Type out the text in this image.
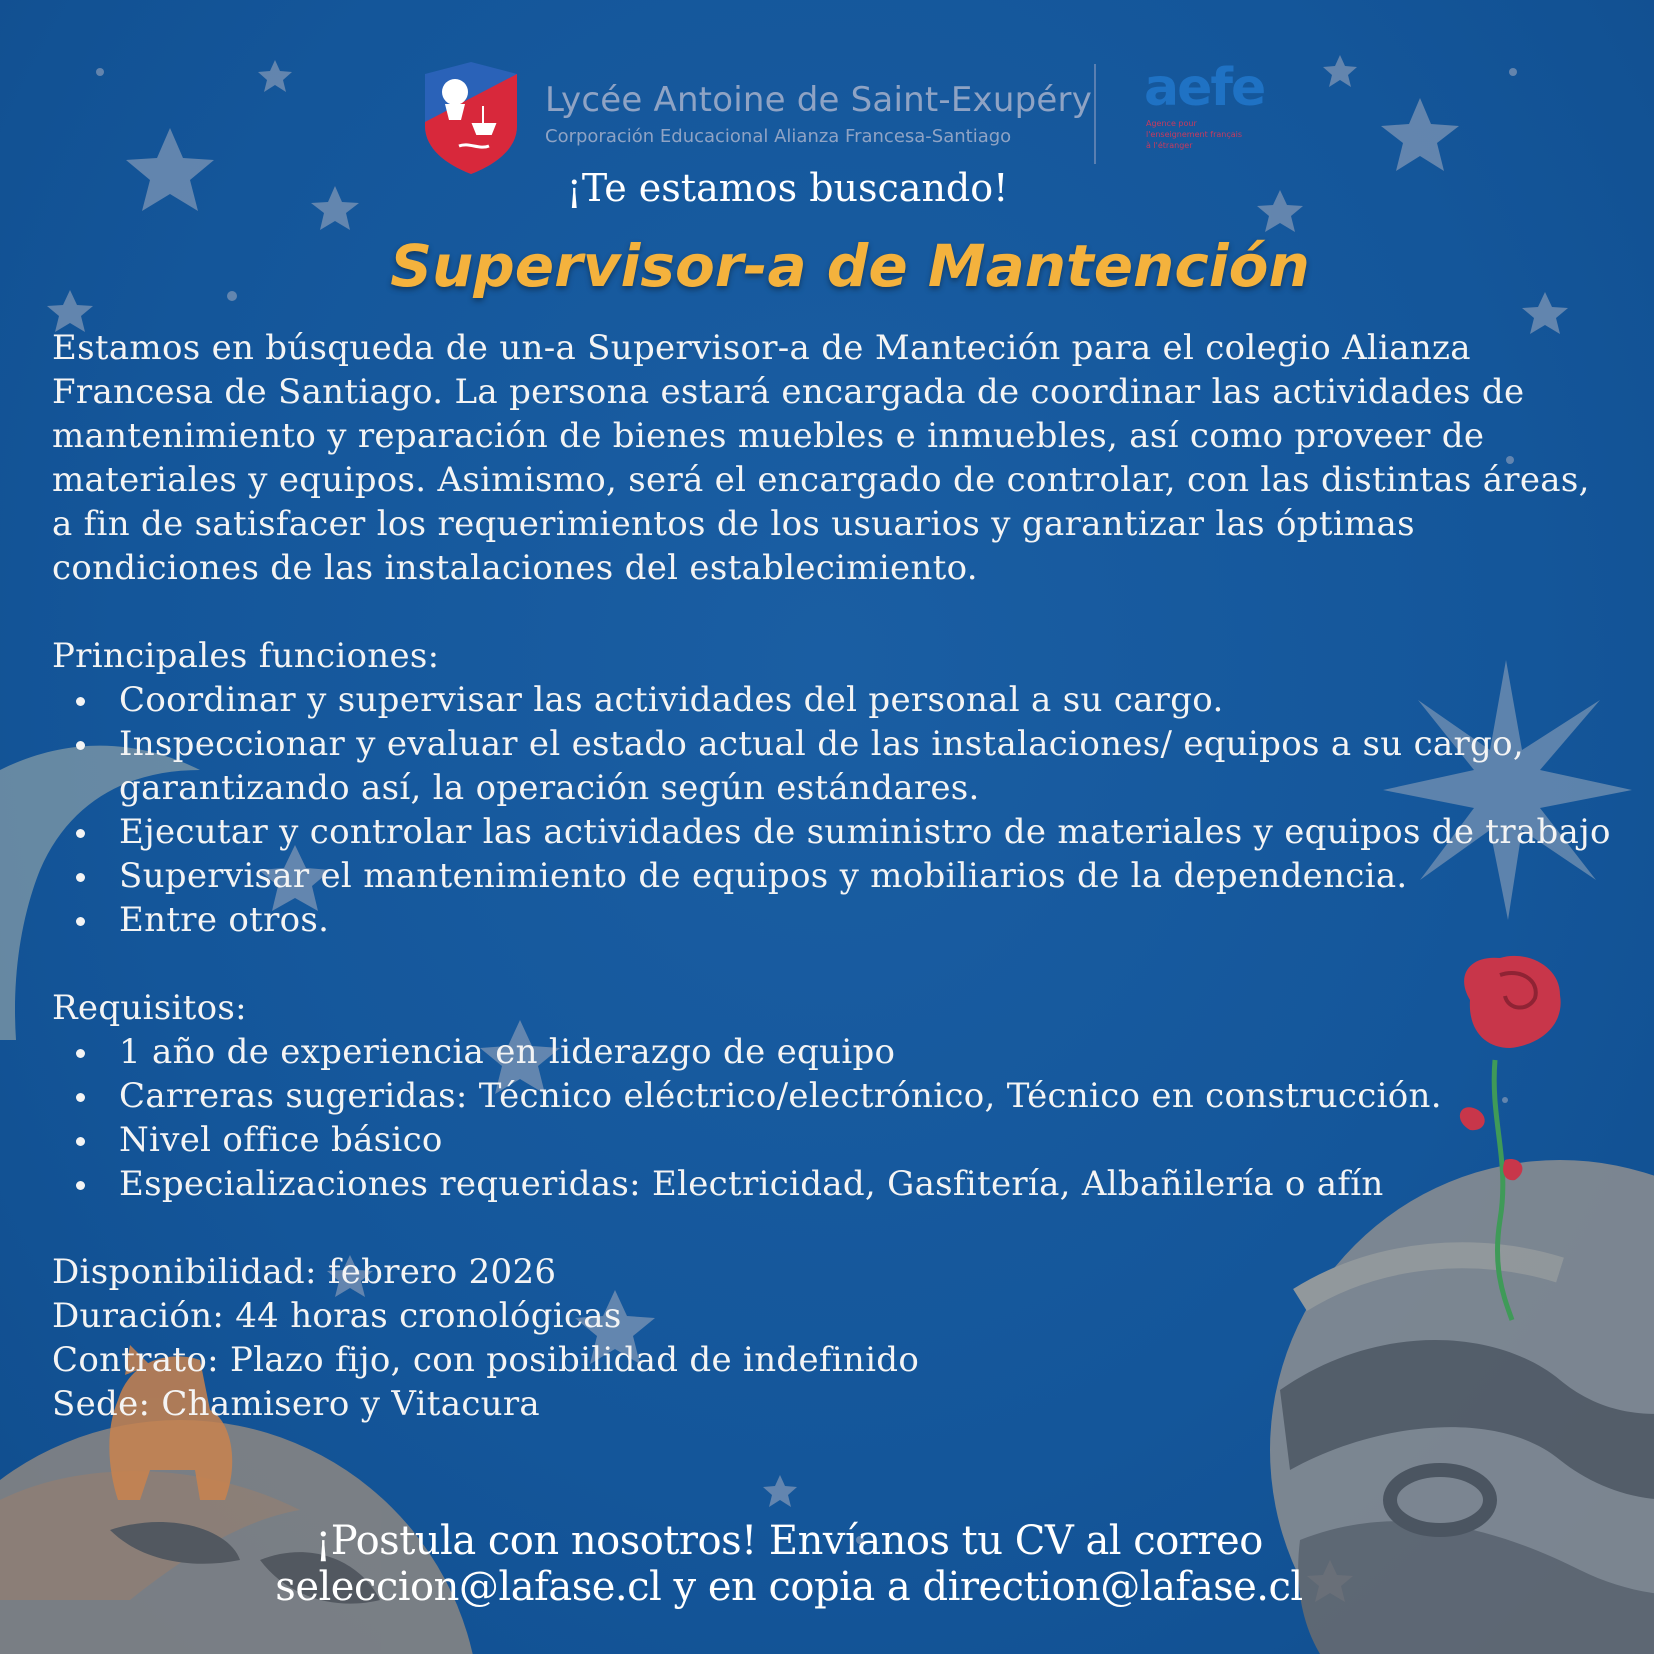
Lycée Antoine de Saint-Exupéry
Corporación Educacional Alianza Francesa-Santiago
aefe
Agence pour
l'enseignement français
à l'étranger
¡Te estamos buscando!
Supervisor-a de Mantención

Estamos en búsqueda de un-a Supervisor-a de Manteción para el colegio Alianza Francesa de Santiago. La persona estará encargada de coordinar las actividades de mantenimiento y reparación de bienes muebles e inmuebles, así como proveer de materiales y equipos. Asimismo, será el encargado de controlar, con las distintas áreas, a fin de satisfacer los requerimientos de los usuarios y garantizar las óptimas condiciones de las instalaciones del establecimiento.

Principales funciones:

Coordinar y supervisar las actividades del personal a su cargo.
Inspeccionar y evaluar el estado actual de las instalaciones/ equipos a su cargo, garantizando así, la operación según estándares.
Ejecutar y controlar las actividades de suministro de materiales y equipos de trabajo
Supervisar el mantenimiento de equipos y mobiliarios de la dependencia.
Entre otros.

Requisitos:

1 año de experiencia en liderazgo de equipo
Carreras sugeridas: Técnico eléctrico/electrónico, Técnico en construcción.
Nivel office básico
Especializaciones requeridas: Electricidad, Gasfitería, Albañilería o afín

Disponibilidad: febrero 2026

Duración: 44 horas cronológicas

Contrato: Plazo fijo, con posibilidad de indefinido

Sede: Chamisero y Vitacura

¡Postula con nosotros! Envíanos tu CV al correo
seleccion@lafase.cl y en copia a direction@lafase.cl
